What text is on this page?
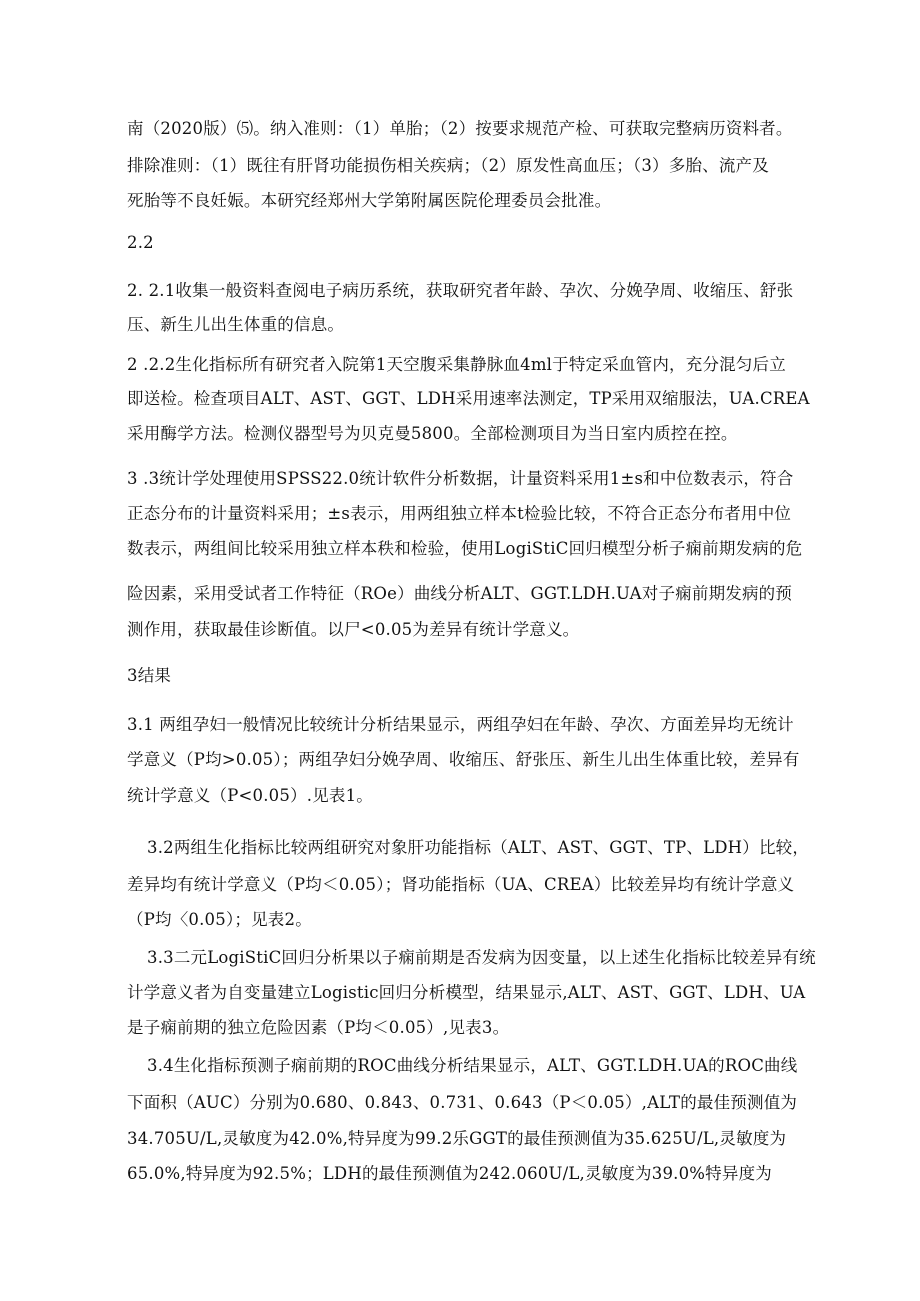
南（2020版）⑸。纳入准则：（1）单胎；（2）按要求规范产检、可获取完整病历资料者。
排除准则：（1）既往有肝肾功能损伤相关疾病；（2）原发性高血压；（3）多胎、流产及
死胎等不良妊娠。本研究经郑州大学第附属医院伦理委员会批准。
2.2
2. 2.1收集一般资料查阅电子病历系统，获取研究者年龄、孕次、分娩孕周、收缩压、舒张
压、新生儿出生体重的信息。
2 .2.2生化指标所有研究者入院第1天空腹采集静脉血4ml于特定采血管内，充分混匀后立
即送检。检查项目ALT、AST、GGT、LDH采用速率法测定，TP采用双缩服法，UA.CREA
采用酶学方法。检测仪器型号为贝克曼5800。全部检测项目为当日室内质控在控。
3 .3统计学处理使用SPSS22.0统计软件分析数据，计量资料采用1±s和中位数表示，符合
正态分布的计量资料采用；±s表示，用两组独立样本t检验比较，不符合正态分布者用中位
数表示，两组间比较采用独立样本秩和检验，使用LogiStiC回归模型分析子痫前期发病的危
险因素，采用受试者工作特征（ROe）曲线分析ALT、GGT.LDH.UA对子痫前期发病的预
测作用，获取最佳诊断值。以尸<0.05为差异有统计学意义。
3结果
3.1 两组孕妇一般情况比较统计分析结果显示，两组孕妇在年龄、孕次、方面差异均无统计
学意义（P均>0.05）；两组孕妇分娩孕周、收缩压、舒张压、新生儿出生体重比较，差异有
统计学意义（P<0.05）.见表1。
3.2两组生化指标比较两组研究对象肝功能指标（ALT、AST、GGT、TP、LDH）比较，
差异均有统计学意义（P均＜0.05）；肾功能指标（UA、CREA）比较差异均有统计学意义
（P均〈0.05）；见表2。
3.3二元LogiStiC回归分析果以子痫前期是否发病为因变量，以上述生化指标比较差异有统
计学意义者为自变量建立Logistic回归分析模型，结果显示,ALT、AST、GGT、LDH、UA
是子痫前期的独立危险因素（P均＜0.05）,见表3。
3.4生化指标预测子痫前期的ROC曲线分析结果显示，ALT、GGT.LDH.UA的ROC曲线
下面积（AUC）分别为0.680、0.843、0.731、0.643（P＜0.05）,ALT的最佳预测值为
34.705U/L,灵敏度为42.0%,特异度为99.2乐GGT的最佳预测值为35.625U/L,灵敏度为
65.0%,特异度为92.5%；LDH的最佳预测值为242.060U/L,灵敏度为39.0%特异度为
